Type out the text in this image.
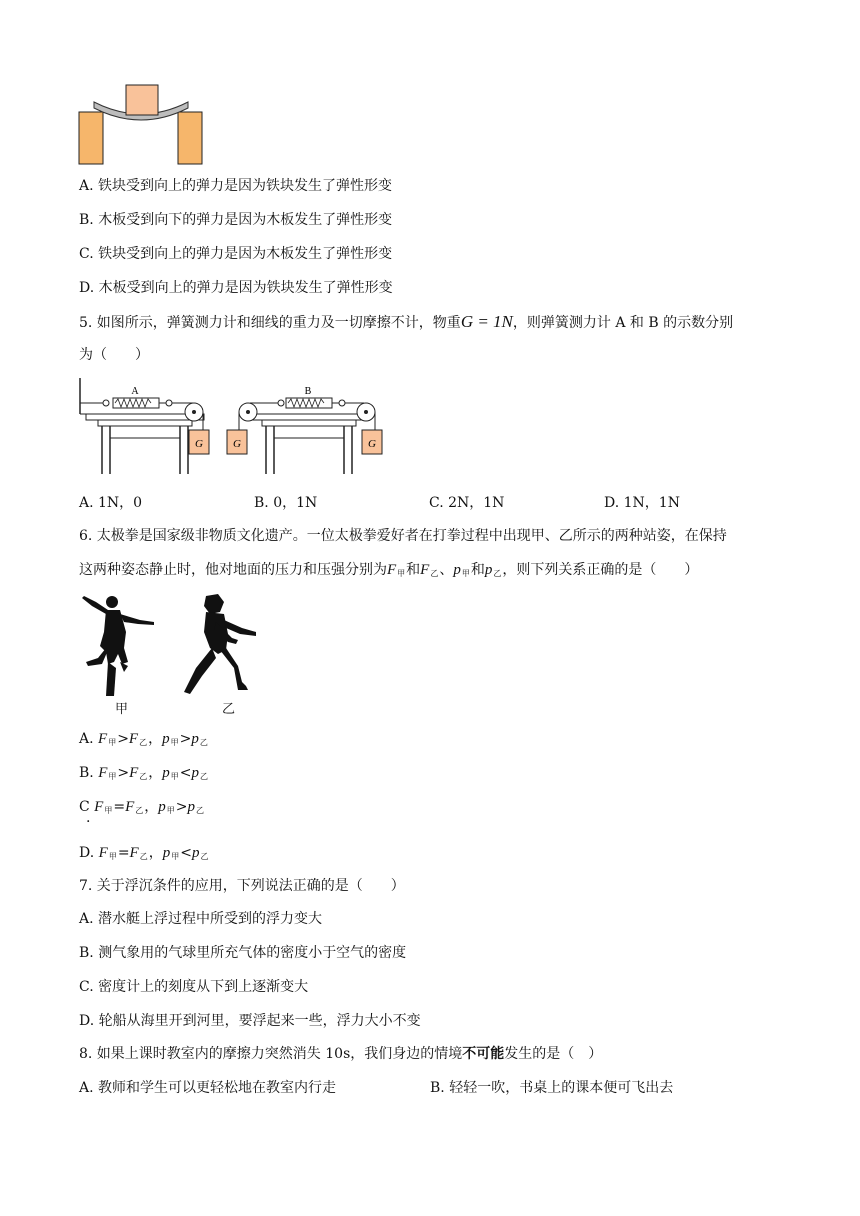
A. 铁块受到向上的弹力是因为铁块发生了弹性形变
B. 木板受到向下的弹力是因为木板发生了弹性形变
C. 铁块受到向上的弹力是因为木板发生了弹性形变
D. 木板受到向上的弹力是因为铁块发生了弹性形变
5. 如图所示，弹簧测力计和细线的重力及一切摩擦不计，物重G = 1N，则弹簧测力计 A 和 B 的示数分别
为（　　）
G
A
G	G
B
A. 1N，0	B. 0，1N	C. 2N，1N	D. 1N，1N
6. 太极拳是国家级非物质文化遗产。一位太极拳爱好者在打拳过程中出现甲、乙所示的两种站姿，在保持
这两种姿态静止时，他对地面的压力和压强分别为$F_甲$和$F_乙$、$p_甲$和$p_乙$，则下列关系正确的是（　　）
甲	乙
A. $F_甲>F_乙$，$p_甲>p_乙$
B. $F_甲>F_乙$，$p_甲<p_乙$
C $F_甲=F_乙$，$p_甲>p_乙$
.
D. $F_甲=F_乙$，$p_甲<p_乙$
7. 关于浮沉条件的应用，下列说法正确的是（　　）
A. 潜水艇上浮过程中所受到的浮力变大
B. 测气象用的气球里所充气体的密度小于空气的密度
C. 密度计上的刻度从下到上逐渐变大
D. 轮船从海里开到河里，要浮起来一些，浮力大小不变
8. 如果上课时教室内的摩擦力突然消失 10s，我们身边的情境不可能发生的是（　）
A. 教师和学生可以更轻松地在教室内行走	B. 轻轻一吹，书桌上的课本便可飞出去
